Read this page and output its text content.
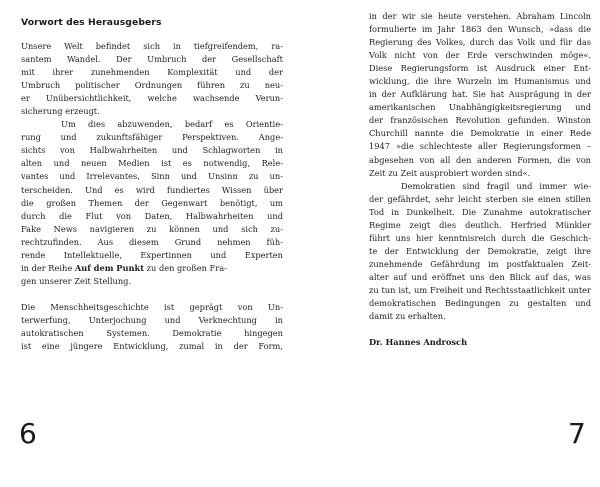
Vorwort des Herausgebers
Unsere Welt befindet sich in tiefgreifendem, ra-
santem Wandel. Der Umbruch der Gesellschaft
mit ihrer zunehmenden Komplexität und der
Umbruch politischer Ordnungen führen zu neu-
er Unübersichtlichkeit, welche wachsende Verun-
sicherung erzeugt.
Um dies abzuwenden, bedarf es Orientie-
rung und zukunftsfähiger Perspektiven. Ange-
sichts von Halbwahrheiten und Schlagworten in
alten und neuen Medien ist es notwendig, Rele-
vantes und Irrelevantes, Sinn und Unsinn zu un-
terscheiden. Und es wird fundiertes Wissen über
die großen Themen der Gegenwart benötigt, um
durch die Flut von Daten, Halbwahrheiten und
Fake News navigieren zu können und sich zu-
rechtzufinden. Aus diesem Grund nehmen füh-
rende Intellektuelle, Expertinnen und Experten
in der Reihe Auf dem Punkt zu den großen Fra-
gen unserer Zeit Stellung.
Die Menschheitsgeschichte ist geprägt von Un-
terwerfung, Unterjochung und Verknechtung in
autokratischen Systemen. Demokratie hingegen
ist eine jüngere Entwicklung, zumal in der Form,
6
in der wir sie heute verstehen. Abraham Lincoln
formulierte im Jahr 1863 den Wunsch, »dass die
Regierung des Volkes, durch das Volk und für das
Volk nicht von der Erde verschwinden möge«.
Diese Regierungsform ist Ausdruck einer Ent-
wicklung, die ihre Wurzeln im Humanismus und
in der Aufklärung hat. Sie hat Ausprägung in der
amerikanischen Unabhängigkeitsregierung und
der französischen Revolution gefunden. Winston
Churchill nannte die Demokratie in einer Rede
1947 »die schlechteste aller Regierungsformen –
abgesehen von all den anderen Formen, die von
Zeit zu Zeit ausprobiert worden sind«.
Demokratien sind fragil und immer wie-
der gefährdet, sehr leicht sterben sie einen stillen
Tod in Dunkelheit. Die Zunahme autokratischer
Regime zeigt dies deutlich. Herfried Münkler
führt uns hier kenntnisreich durch die Geschich-
te der Entwicklung der Demokratie, zeigt ihre
zunehmende Gefährdung im postfaktualen Zeit-
alter auf und eröffnet uns den Blick auf das, was
zu tun ist, um Freiheit und Rechtsstaatlichkeit unter
demokratischen Bedingungen zu gestalten und
damit zu erhalten.
Dr. Hannes Androsch
7
